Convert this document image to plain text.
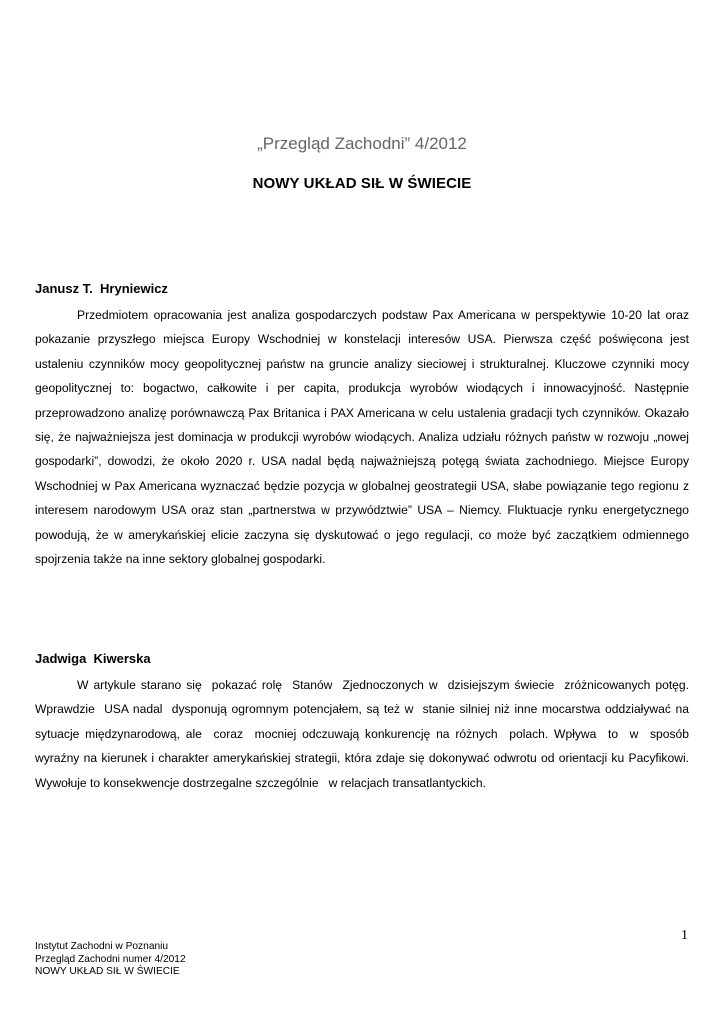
„Przegląd Zachodni” 4/2012
NOWY UKŁAD SIŁ W ŚWIECIE
Janusz T.  Hryniewicz

Przedmiotem opracowania jest analiza gospodarczych podstaw Pax Americana w perspektywie 10-20 lat oraz pokazanie przyszłego miejsca Europy Wschodniej w konstelacji interesów USA. Pierwsza część poświęcona jest ustaleniu czynników mocy geopolitycznej państw na gruncie analizy sieciowej i strukturalnej. Kluczowe czynniki mocy geopolitycznej to: bogactwo, całkowite i per capita, produkcja wyrobów wiodących i innowacyjność. Następnie przeprowadzono analizę porównawczą Pax Britanica i PAX Americana w celu ustalenia gradacji tych czynników. Okazało się, że najważniejsza jest dominacja w produkcji wyrobów wiodących. Analiza udziału różnych państw w rozwoju „nowej gospodarki”, dowodzi, że około 2020 r. USA nadal będą najważniejszą potęgą świata zachodniego. Miejsce Europy Wschodniej w Pax Americana wyznaczać będzie pozycja w globalnej geostrategii USA, słabe powiązanie tego regionu z interesem narodowym USA oraz stan „partnerstwa w przywództwie” USA – Niemcy. Fluktuacje rynku energetycznego powodują, że w amerykańskiej elicie zaczyna się dyskutować o jego regulacji, co może być zaczątkiem odmiennego spojrzenia także na inne sektory globalnej gospodarki.

Jadwiga  Kiwerska

W artykule starano się  pokazać rolę  Stanów  Zjednoczonych w  dzisiejszym świecie  zróżnicowanych potęg. Wprawdzie  USA nadal  dysponują ogromnym potencjałem, są też w  stanie silniej niż inne mocarstwa oddziaływać na sytuacje międzynarodową, ale  coraz  mocniej odczuwają konkurencję na różnych  polach. Wpływa  to  w  sposób wyraźny na kierunek i charakter amerykańskiej strategii, która zdaje się dokonywać odwrotu od orientacji ku Pacyfikowi. Wywołuje to konsekwencje dostrzegalne szczególnie   w relacjach transatlantyckich.

1
Instytut Zachodni w Poznaniu
Przegląd Zachodni numer 4/2012
NOWY UKŁAD SIŁ W ŚWIECIE
